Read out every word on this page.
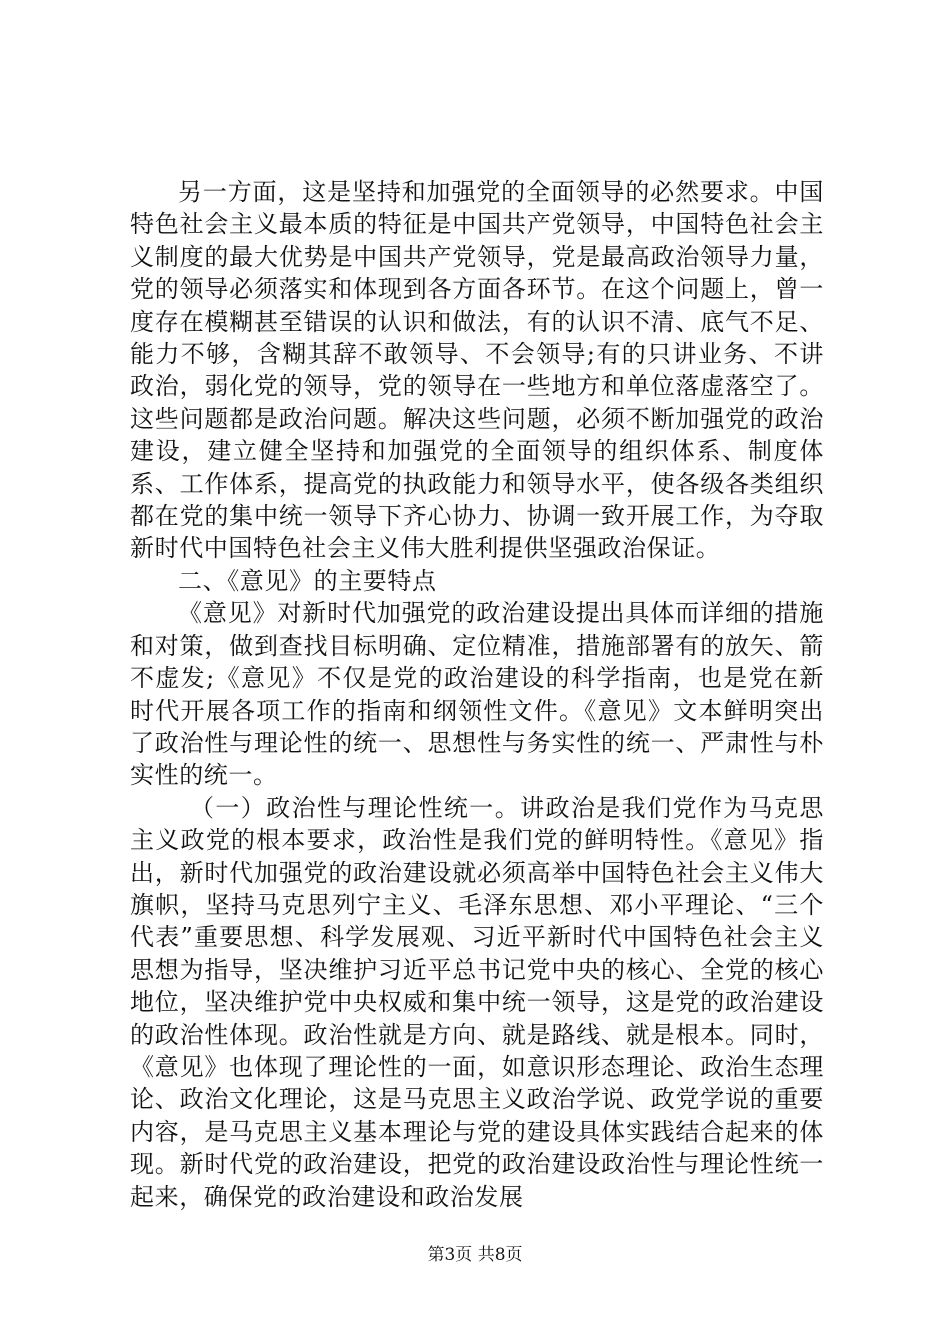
另一方面，这是坚持和加强党的全面领导的必然要求。中国特色社会主义最本质的特征是中国共产党领导，中国特色社会主义制度的最大优势是中国共产党领导，党是最高政治领导力量，党的领导必须落实和体现到各方面各环节。在这个问题上，曾一度存在模糊甚至错误的认识和做法，有的认识不清、底气不足、能力不够，含糊其辞不敢领导、不会领导;有的只讲业务、不讲政治，弱化党的领导，党的领导在一些地方和单位落虚落空了。这些问题都是政治问题。解决这些问题，必须不断加强党的政治建设，建立健全坚持和加强党的全面领导的组织体系、制度体系、工作体系，提高党的执政能力和领导水平，使各级各类组织都在党的集中统一领导下齐心协力、协调一致开展工作，为夺取新时代中国特色社会主义伟大胜利提供坚强政治保证。

二、《意见》的主要特点

《意见》对新时代加强党的政治建设提出具体而详细的措施和对策，做到查找目标明确、定位精准，措施部署有的放矢、箭不虚发;《意见》不仅是党的政治建设的科学指南，也是党在新时代开展各项工作的指南和纲领性文件。《意见》文本鲜明突出了政治性与理论性的统一、思想性与务实性的统一、严肃性与朴实性的统一。

（一）政治性与理论性统一。讲政治是我们党作为马克思主义政党的根本要求，政治性是我们党的鲜明特性。《意见》指出，新时代加强党的政治建设就必须高举中国特色社会主义伟大旗帜，坚持马克思列宁主义、毛泽东思想、邓小平理论、“三个代表”重要思想、科学发展观、习近平新时代中国特色社会主义思想为指导，坚决维护习近平总书记党中央的核心、全党的核心地位，坚决维护党中央权威和集中统一领导，这是党的政治建设的政治性体现。政治性就是方向、就是路线、就是根本。同时，《意见》也体现了理论性的一面，如意识形态理论、政治生态理论、政治文化理论，这是马克思主义政治学说、政党学说的重要内容，是马克思主义基本理论与党的建设具体实践结合起来的体现。新时代党的政治建设，把党的政治建设政治性与理论性统一起来，确保党的政治建设和政治发展

第3页 共8页
